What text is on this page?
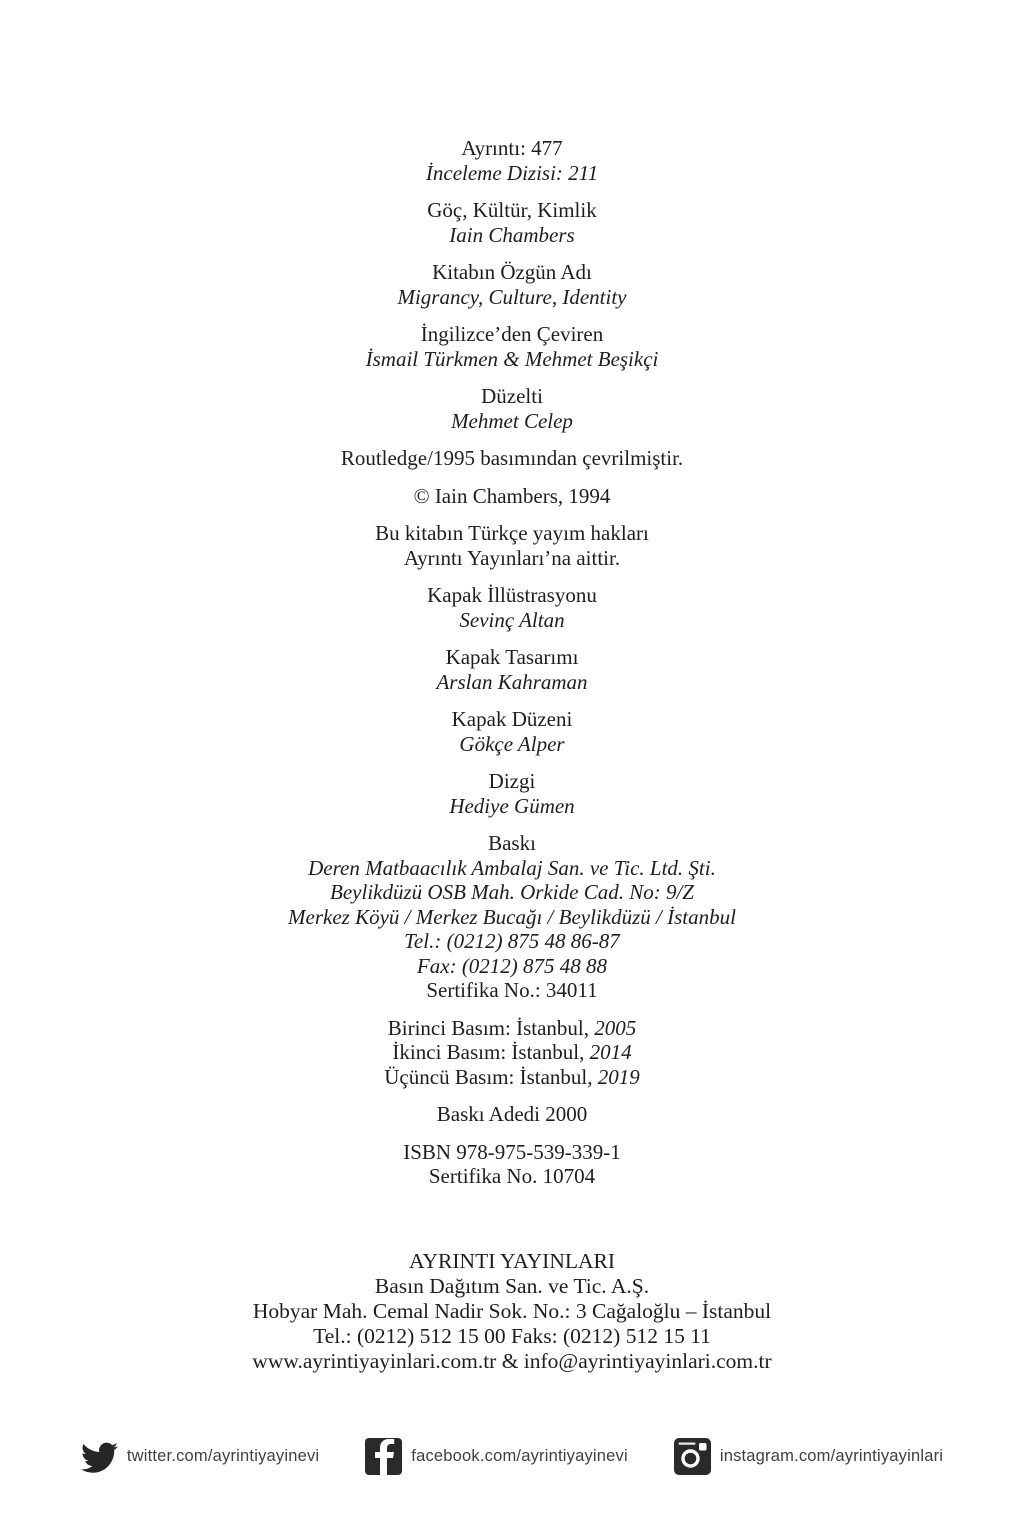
Ayrıntı: 477
İnceleme Dizisi: 211
Göç, Kültür, Kimlik
Iain Chambers
Kitabın Özgün Adı
Migrancy, Culture, Identity
İngilizce’den Çeviren
İsmail Türkmen & Mehmet Beşikçi
Düzelti
Mehmet Celep
Routledge/1995 basımından çevrilmiştir.
© Iain Chambers, 1994
Bu kitabın Türkçe yayım hakları
Ayrıntı Yayınları’na aittir.
Kapak İllüstrasyonu
Sevinç Altan
Kapak Tasarımı
Arslan Kahraman
Kapak Düzeni
Gökçe Alper
Dizgi
Hediye Gümen
Baskı
Deren Matbaacılık Ambalaj San. ve Tic. Ltd. Şti.
Beylikdüzü OSB Mah. Orkide Cad. No: 9/Z
Merkez Köyü / Merkez Bucağı / Beylikdüzü / İstanbul
Tel.: (0212) 875 48 86-87
Fax: (0212) 875 48 88
Sertifika No.: 34011
Birinci Basım: İstanbul, 2005
İkinci Basım: İstanbul, 2014
Üçüncü Basım: İstanbul, 2019
Baskı Adedi 2000
ISBN 978-975-539-339-1
Sertifika No. 10704
AYRINTI YAYINLARI
Basın Dağıtım San. ve Tic. A.Ş.
Hobyar Mah. Cemal Nadir Sok. No.: 3 Cağaloğlu – İstanbul
Tel.: (0212) 512 15 00 Faks: (0212) 512 15 11
www.ayrintiyayinlari.com.tr & info@ayrintiyayinlari.com.tr
twitter.com/ayrintiyayinevi	facebook.com/ayrintiyayinevi	instagram.com/ayrintiyayinlari
